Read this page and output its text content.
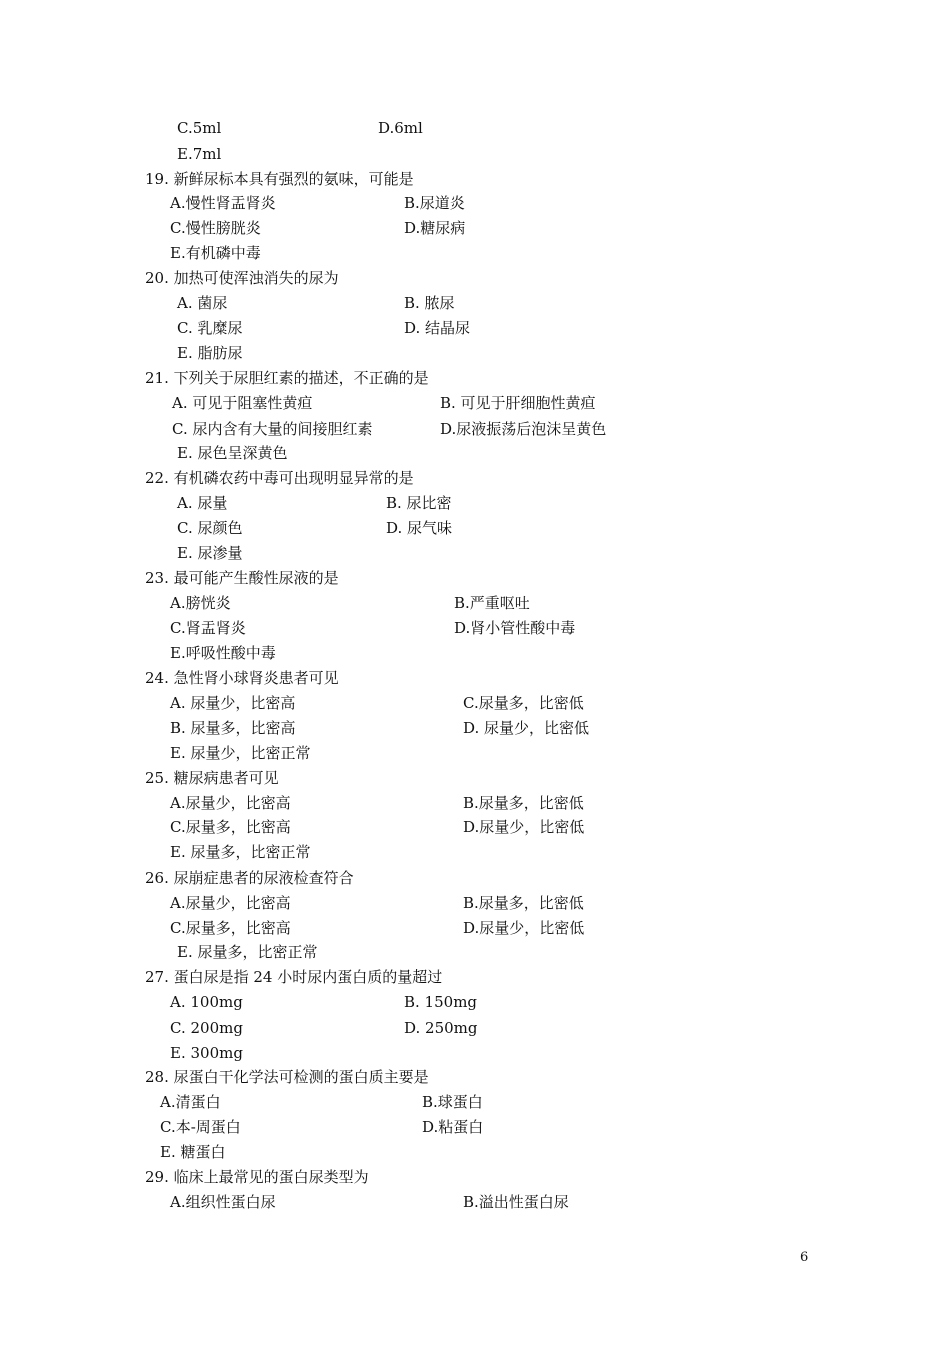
C.5ml	D.6ml
E.7ml
19. 新鲜尿标本具有强烈的氨味，可能是
A.慢性肾盂肾炎	B.尿道炎
C.慢性膀胱炎	D.糖尿病
E.有机磷中毒
20. 加热可使浑浊消失的尿为
A. 菌尿	B. 脓尿
C. 乳糜尿	D. 结晶尿
E. 脂肪尿
21. 下列关于尿胆红素的描述，不正确的是
A. 可见于阻塞性黄疸	B. 可见于肝细胞性黄疸
C. 尿内含有大量的间接胆红素	D.尿液振荡后泡沫呈黄色
E. 尿色呈深黄色
22. 有机磷农药中毒可出现明显异常的是
A. 尿量	B. 尿比密
C. 尿颜色	D. 尿气味
E. 尿渗量
23. 最可能产生酸性尿液的是
A.膀恍炎	B.严重呕吐
C.肾盂肾炎	D.肾小管性酸中毒
E.呼吸性酸中毒
24. 急性肾小球肾炎患者可见
A. 尿量少，比密高	C.尿量多，比密低
B. 尿量多，比密高	D. 尿量少，比密低
E. 尿量少，比密正常
25. 糖尿病患者可见
A.尿量少，比密高	B.尿量多，比密低
C.尿量多，比密高	D.尿量少，比密低
E. 尿量多，比密正常
26. 尿崩症患者的尿液检查符合
A.尿量少，比密高	B.尿量多，比密低
C.尿量多，比密高	D.尿量少，比密低
E. 尿量多，比密正常
27. 蛋白尿是指 24 小时尿内蛋白质的量超过
A. 100mg	B. 150mg
C. 200mg	D. 250mg
E. 300mg
28. 尿蛋白干化学法可检测的蛋白质主要是
A.清蛋白	B.球蛋白
C.本-周蛋白	D.粘蛋白
E. 糖蛋白
29. 临床上最常见的蛋白尿类型为
A.组织性蛋白尿	B.溢出性蛋白尿
6
